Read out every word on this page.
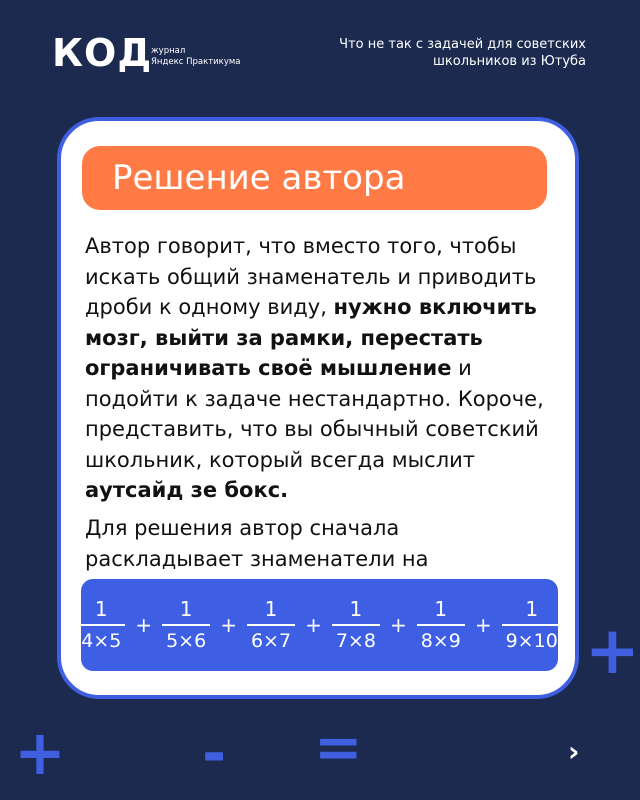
КОД
журнал
Яндекс Практикума
Что не так с задачей для советских
школьников из Ютуба
Решение автора
Автор говорит, что вместо того, чтобы искать общий знаменатель и приводить дроби к одному виду, нужно включить мозг, выйти за рамки, перестать ограничивать своё мышление и подойти к задаче нестандартно. Короче, представить, что вы обычный советский школьник, который всегда мыслит аутсайд зе бокс.
Для решения автор сначала раскладывает знаменатели на
$\frac{1}{4\times 5} + \frac{1}{5\times 6} + \frac{1}{6\times 7} + \frac{1}{7\times 8} + \frac{1}{8\times 9} + \frac{1}{9\times 10}$ +
+ - =	›
